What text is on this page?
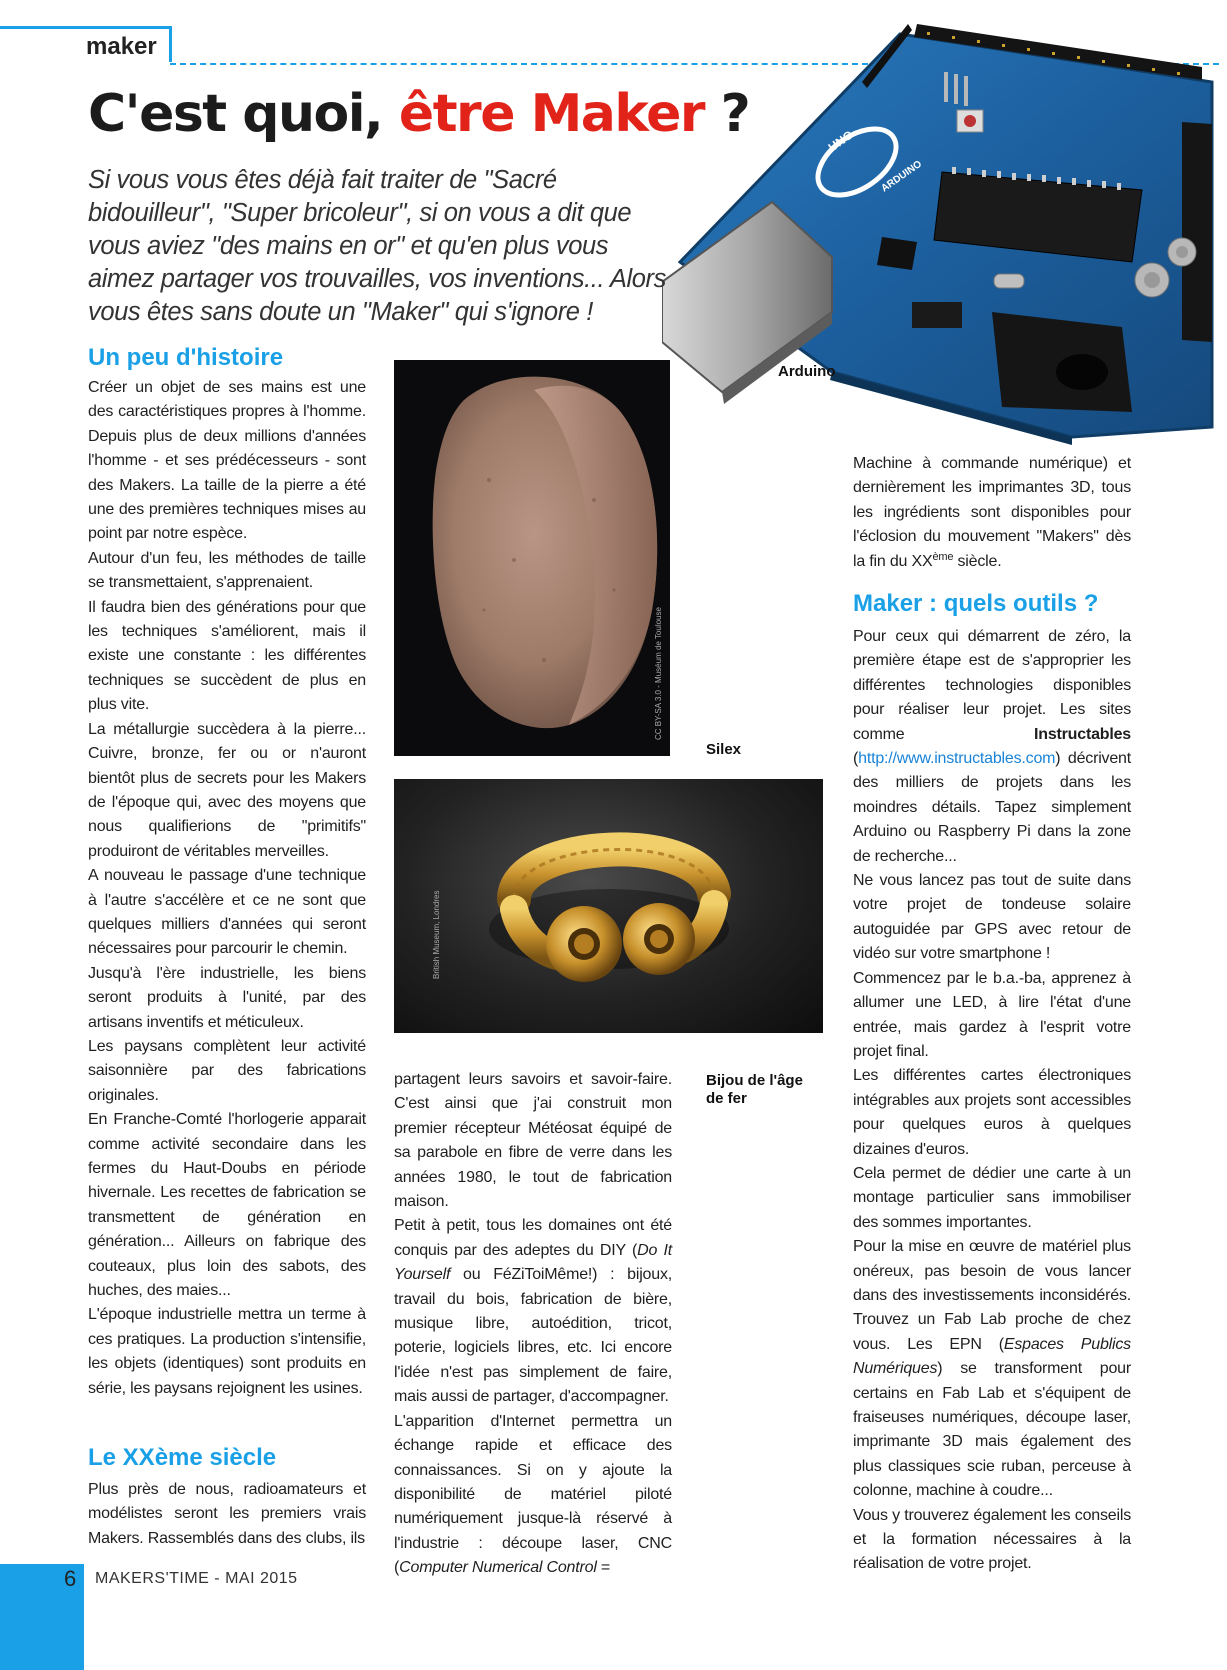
maker
UNO
ARDUINO
Arduino
C'est quoi, être Maker ?
Si vous vous êtes déjà fait traiter de "Sacré bidouilleur", "Super bricoleur", si on vous a dit que vous aviez "des mains en or" et qu'en plus vous aimez partager vos trouvailles, vos inventions... Alors vous êtes sans doute un "Maker" qui s'ignore !
CC BY-SA 3.0 - Muséum de Toulouse
Silex
British Museum, Londres
Bijou de l'âge de fer
Un peu d'histoire

Créer un objet de ses mains est une des caractéristiques propres à l'homme. Depuis plus de deux millions d'années l'homme - et ses prédécesseurs - sont des Makers. La taille de la pierre a été une des premières techniques mises au point par notre espèce.

Autour d'un feu, les méthodes de taille se transmettaient, s'apprenaient.

Il faudra bien des générations pour que les techniques s'améliorent, mais il existe une constante : les différentes techniques se succèdent de plus en plus vite.

La métallurgie succèdera à la pierre... Cuivre, bronze, fer ou or n'auront bientôt plus de secrets pour les Makers de l'époque qui, avec des moyens que nous qualifierions de "primitifs" produiront de véritables merveilles.

A nouveau le passage d'une technique à l'autre s'accélère et ce ne sont que quelques milliers d'années qui seront nécessaires pour parcourir le chemin.

Jusqu'à l'ère industrielle, les biens seront produits à l'unité, par des artisans inventifs et méticuleux.

Les paysans complètent leur activité saisonnière par des fabrications originales.

En Franche-Comté l'horlogerie apparait comme activité secondaire dans les fermes du Haut-Doubs en période hivernale. Les recettes de fabrication se transmettent de génération en génération... Ailleurs on fabrique des couteaux, plus loin des sabots, des huches, des maies...

L'époque industrielle mettra un terme à ces pratiques. La production s'intensifie, les objets (identiques) sont produits en série, les paysans rejoignent les usines.

Le XXème siècle
Plus près de nous, radioamateurs et modélistes seront les premiers vrais Makers. Rassemblés dans des clubs, ils

partagent leurs savoirs et savoir-faire. C'est ainsi que j'ai construit mon premier récepteur Météosat équipé de sa parabole en fibre de verre dans les années 1980, le tout de fabrication maison.

Petit à petit, tous les domaines ont été conquis par des adeptes du DIY (Do It Yourself ou FéZiToiMême!) : bijoux, travail du bois, fabrication de bière, musique libre, autoédition, tricot, poterie, logiciels libres, etc. Ici encore l'idée n'est pas simplement de faire, mais aussi de partager, d'accompagner.

L'apparition d'Internet permettra un échange rapide et efficace des connaissances. Si on y ajoute la disponibilité de matériel piloté numériquement jusque-là réservé à l'industrie : découpe laser, CNC (Computer Numerical Control =

Machine à commande numérique) et dernièrement les imprimantes 3D, tous les ingrédients sont disponibles pour l'éclosion du mouvement "Makers" dès la fin du XXème siècle.

Maker : quels outils ?

Pour ceux qui démarrent de zéro, la première étape est de s'approprier les différentes technologies disponibles pour réaliser leur projet. Les sites comme Instructables (http://www.instructables.com) décrivent des milliers de projets dans les moindres détails. Tapez simplement Arduino ou Raspberry Pi dans la zone de recherche...

Ne vous lancez pas tout de suite dans votre projet de tondeuse solaire autoguidée par GPS avec retour de vidéo sur votre smartphone !

Commencez par le b.a.-ba, apprenez à allumer une LED, à lire l'état d'une entrée, mais gardez à l'esprit votre projet final.

Les différentes cartes électroniques intégrables aux projets sont accessibles pour quelques euros à quelques dizaines d'euros.

Cela permet de dédier une carte à un montage particulier sans immobiliser des sommes importantes.

Pour la mise en œuvre de matériel plus onéreux, pas besoin de vous lancer dans des investissements inconsidérés. Trouvez un Fab Lab proche de chez vous. Les EPN (Espaces Publics Numériques) se transforment pour certains en Fab Lab et s'équipent de fraiseuses numériques, découpe laser, imprimante 3D mais également des plus classiques scie ruban, perceuse à colonne, machine à coudre...

Vous y trouverez également les conseils et la formation nécessaires à la réalisation de votre projet.

6 MAKERS'TIME - MAI 2015
